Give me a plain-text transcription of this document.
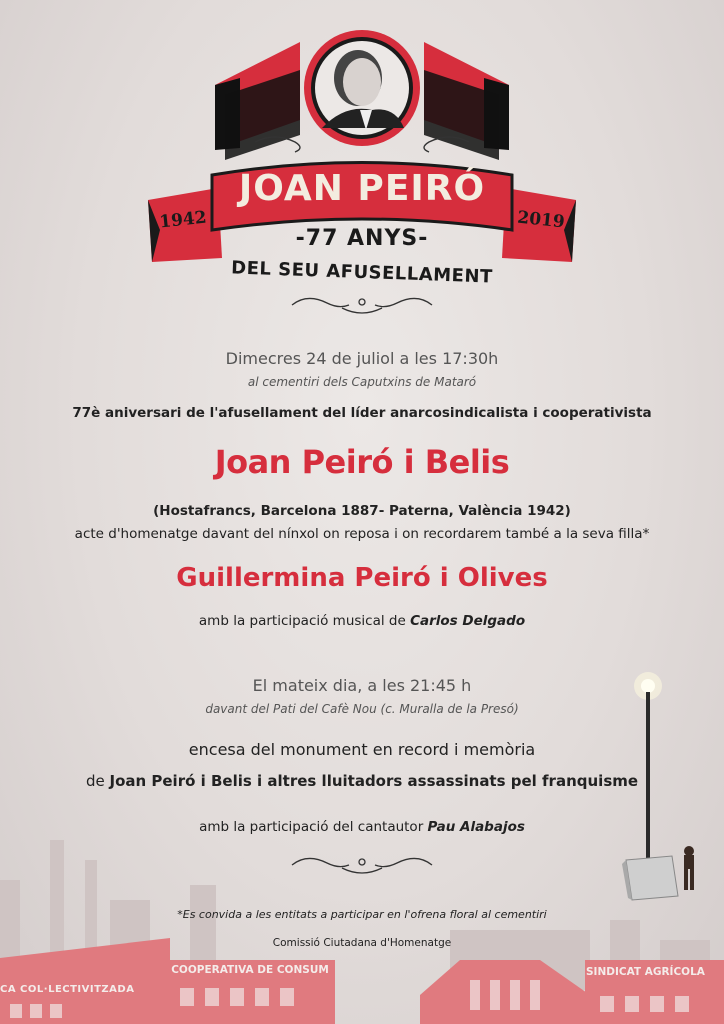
1942	2019
JOAN PEIRÓ
-77 ANYS-
DEL SEU AFUSELLAMENT
Dimecres 24 de juliol a les 17:30h
al cementiri dels Caputxins de Mataró
77è aniversari de l'afusellament del líder anarcosindicalista i cooperativista
Joan Peiró i Belis
(Hostafrancs, Barcelona 1887- Paterna, València 1942)
acte d'homenatge davant del nínxol on reposa i on recordarem també a la seva filla*
Guillermina Peiró i Olives
amb la participació musical de Carlos Delgado
El mateix dia, a les 21:45 h
davant del Pati del Cafè Nou (c. Muralla de la Presó)
encesa del monument en record i memòria
de Joan Peiró i Belis i altres lluitadors assassinats pel franquisme
amb la participació del cantautor Pau Alabajos
CA COL·LECTIVITZADA
COOPERATIVA DE CONSUM	SINDICAT AGRÍCOLA
*Es convida a les entitats a participar en l'ofrena floral al cementiri
Comissió Ciutadana d'Homenatge
